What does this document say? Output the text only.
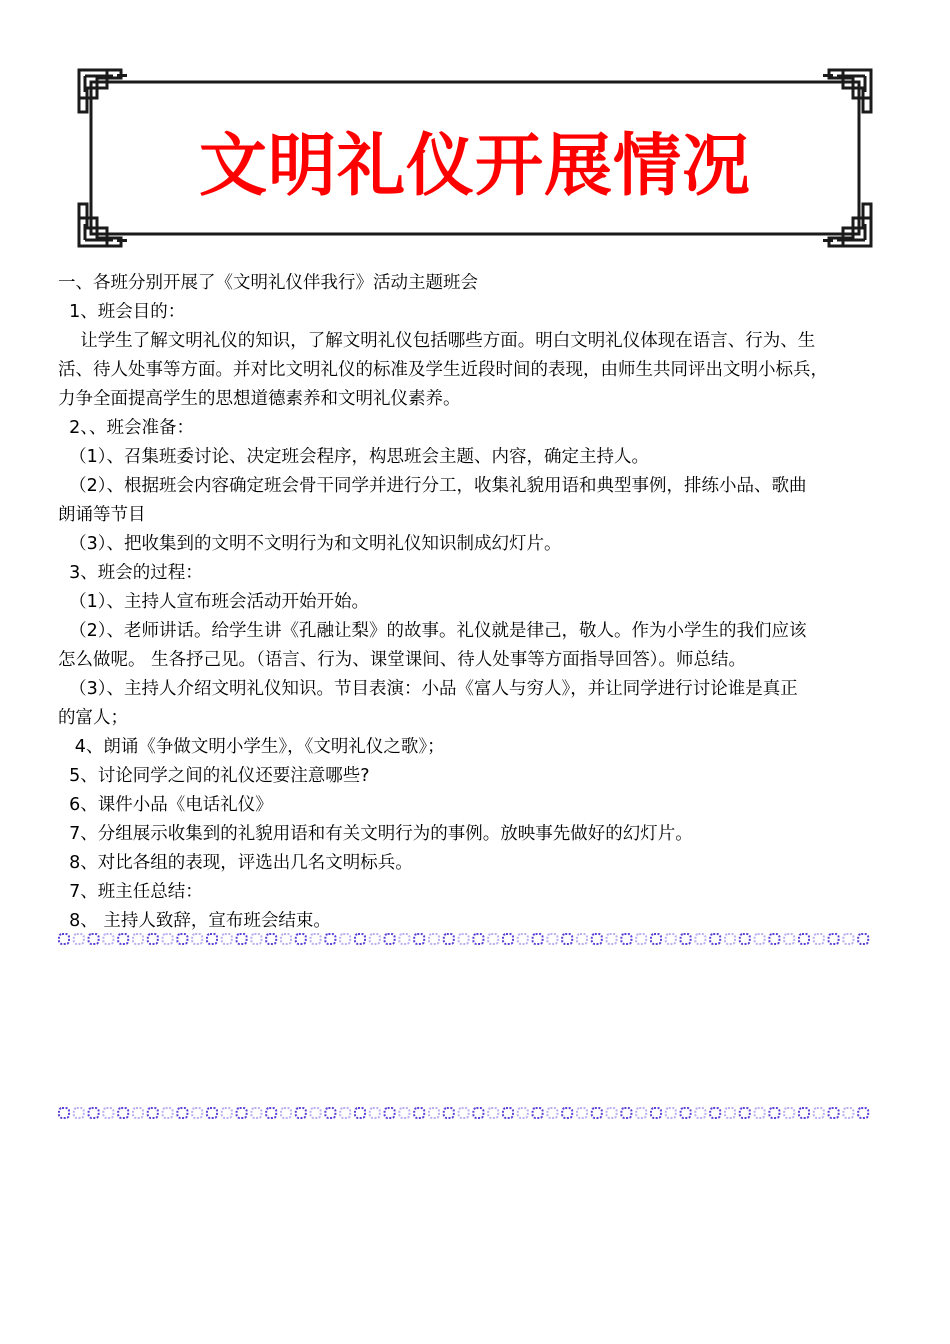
文明礼仪开展情况
一、各班分别开展了《文明礼仪伴我行》活动主题班会
1、班会目的：
让学生了解文明礼仪的知识，了解文明礼仪包括哪些方面。明白文明礼仪体现在语言、行为、生
活、待人处事等方面。并对比文明礼仪的标准及学生近段时间的表现，由师生共同评出文明小标兵，
力争全面提高学生的思想道德素养和文明礼仪素养。
2、、班会准备：
（1）、召集班委讨论、决定班会程序，构思班会主题、内容，确定主持人。
（2）、根据班会内容确定班会骨干同学并进行分工，收集礼貌用语和典型事例，排练小品、歌曲
朗诵等节目
（3）、把收集到的文明不文明行为和文明礼仪知识制成幻灯片。
3、班会的过程：
（1）、主持人宣布班会活动开始开始。
（2）、老师讲话。给学生讲《孔融让梨》的故事。礼仪就是律己，敬人。作为小学生的我们应该
怎么做呢。 生各抒己见。（语言、行为、课堂课间、待人处事等方面指导回答）。师总结。
（3）、主持人介绍文明礼仪知识。节目表演：小品《富人与穷人》，并让同学进行讨论谁是真正
的富人；
4、朗诵《争做文明小学生》，《文明礼仪之歌》；
5、讨论同学之间的礼仪还要注意哪些?
6、课件小品《电话礼仪》
7、分组展示收集到的礼貌用语和有关文明行为的事例。放映事先做好的幻灯片。
8、对比各组的表现，评选出几名文明标兵。
7、班主任总结：
8、 主持人致辞，宣布班会结束。
